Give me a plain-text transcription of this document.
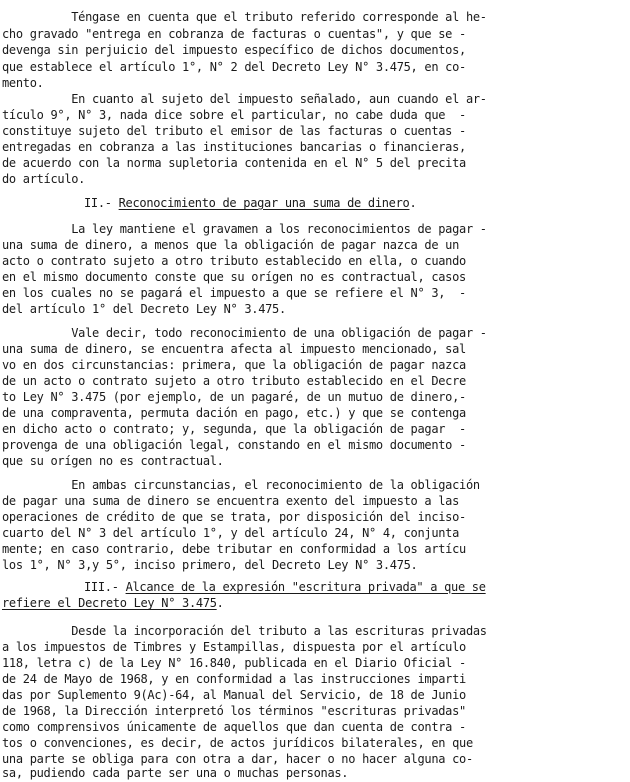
Téngase en cuenta que el tributo referido corresponde al he-
cho gravado "entrega en cobranza de facturas o cuentas", y que se -
devenga sin perjuicio del impuesto específico de dichos documentos,
que establece el artículo 1°, N° 2 del Decreto Ley N° 3.475, en co-
mento.
En cuanto al sujeto del impuesto señalado, aun cuando el ar-
tículo 9°, N° 3, nada dice sobre el particular, no cabe duda que  -
constituye sujeto del tributo el emisor de las facturas o cuentas -
entregadas en cobranza a las instituciones bancarias o financieras,
de acuerdo con la norma supletoria contenida en el N° 5 del precita
do artículo.
II.- Reconocimiento de pagar una suma de dinero.
La ley mantiene el gravamen a los reconocimientos de pagar -
una suma de dinero, a menos que la obligación de pagar nazca de un
acto o contrato sujeto a otro tributo establecido en ella, o cuando
en el mismo documento conste que su orígen no es contractual, casos
en los cuales no se pagará el impuesto a que se refiere el N° 3,  -
del artículo 1° del Decreto Ley N° 3.475.
Vale decir, todo reconocimiento de una obligación de pagar -
una suma de dinero, se encuentra afecta al impuesto mencionado, sal
vo en dos circunstancias: primera, que la obligación de pagar nazca
de un acto o contrato sujeto a otro tributo establecido en el Decre
to Ley N° 3.475 (por ejemplo, de un pagaré, de un mutuo de dinero,-
de una compraventa, permuta dación en pago, etc.) y que se contenga
en dicho acto o contrato; y, segunda, que la obligación de pagar  -
provenga de una obligación legal, constando en el mismo documento -
que su orígen no es contractual.
En ambas circunstancias, el reconocimiento de la obligación
de pagar una suma de dinero se encuentra exento del impuesto a las
operaciones de crédito de que se trata, por disposición del inciso-
cuarto del N° 3 del artículo 1°, y del artículo 24, N° 4, conjunta
mente; en caso contrario, debe tributar en conformidad a los artícu
los 1°, N° 3,y 5°, inciso primero, del Decreto Ley N° 3.475.
III.- Alcance de la expresión "escritura privada" a que se
refiere el Decreto Ley N° 3.475.
Desde la incorporación del tributo a las escrituras privadas
a los impuestos de Timbres y Estampillas, dispuesta por el artículo
118, letra c) de la Ley N° 16.840, publicada en el Diario Oficial -
de 24 de Mayo de 1968, y en conformidad a las instrucciones imparti
das por Suplemento 9(Ac)-64, al Manual del Servicio, de 18 de Junio
de 1968, la Dirección interpretó los términos "escrituras privadas"
como comprensivos únicamente de aquellos que dan cuenta de contra -
tos o convenciones, es decir, de actos jurídicos bilaterales, en que
una parte se obliga para con otra a dar, hacer o no hacer alguna co-
sa, pudiendo cada parte ser una o muchas personas.
